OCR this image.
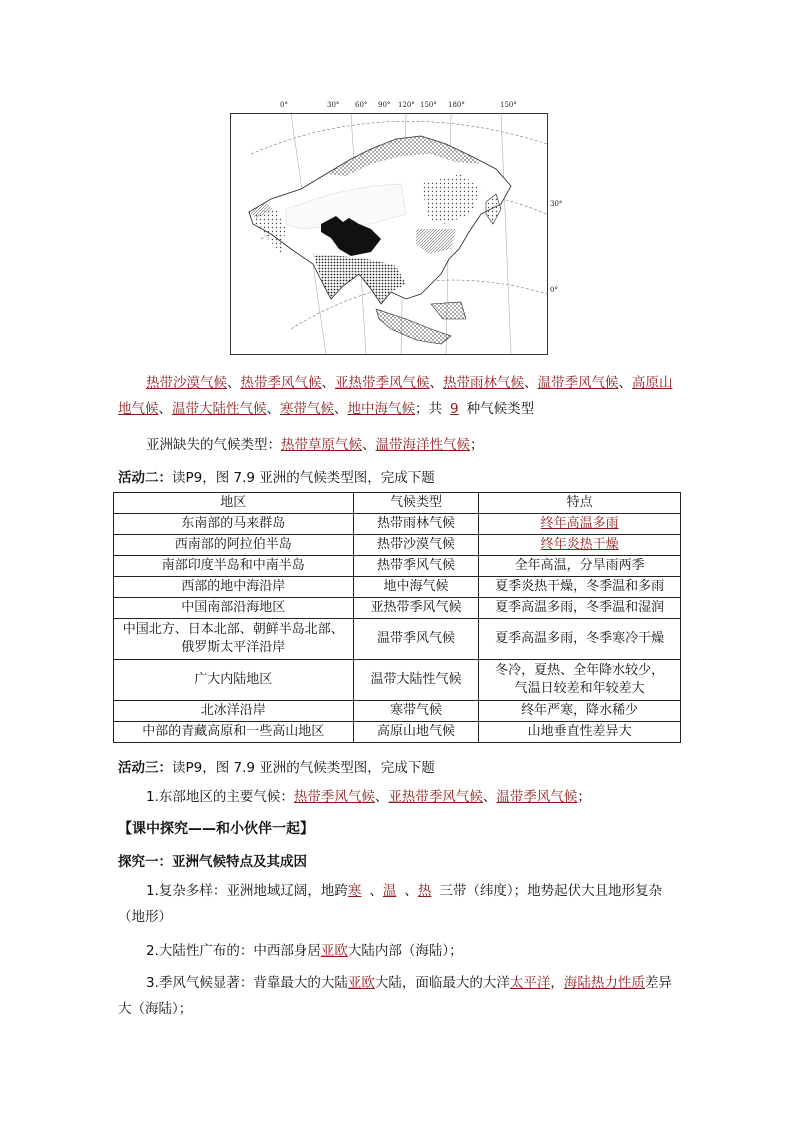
0°	30° 60° 90° 120° 150° 180°	150°
30°
0°
热带沙漠气候、热带季风气候、亚热带季风气候、热带雨林气候、温带季风气候、高原山地气候、温带大陆性气候、寒带气候、地中海气候；共 9 种气候类型
亚洲缺失的气候类型：热带草原气候、温带海洋性气候；
活动二：读P9，图 7.9 亚洲的气候类型图，完成下题
地区	气候类型	特点
东南部的马来群岛	热带雨林气候	终年高温多雨
西南部的阿拉伯半岛	热带沙漠气候	终年炎热干燥
南部印度半岛和中南半岛	热带季风气候	全年高温，分旱雨两季
西部的地中海沿岸	地中海气候	夏季炎热干燥，冬季温和多雨
中国南部沿海地区	亚热带季风气候	夏季高温多雨，冬季温和湿润
中国北方、日本北部、朝鲜半岛北部、俄罗斯太平洋沿岸	温带季风气候	夏季高温多雨，冬季寒冷干燥
广大内陆地区	温带大陆性气候	冬冷，夏热、全年降水较少，气温日较差和年较差大
北冰洋沿岸	寒带气候	终年严寒，降水稀少
中部的青藏高原和一些高山地区	高原山地气候	山地垂直性差异大
活动三：读P9，图 7.9 亚洲的气候类型图，完成下题
1.东部地区的主要气候：热带季风气候、亚热带季风气候、温带季风气候；
【课中探究——和小伙伴一起】
探究一：亚洲气候特点及其成因
1.复杂多样：亚洲地域辽阔，地跨寒 、温 、热 三带（纬度）；地势起伏大且地形复杂（地形）
2.大陆性广布的：中西部身居亚欧大陆内部（海陆）；
3.季风气候显著：背靠最大的大陆亚欧大陆，面临最大的大洋太平洋，海陆热力性质差异大（海陆）；
